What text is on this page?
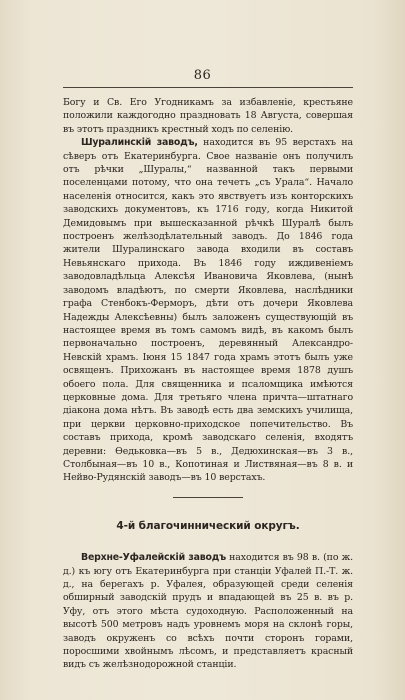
86

Богу и Св. Его Угодникамъ за избавленіе, крестьяне положили каждогодно праздновать 18 Августа, совершая въ этотъ праздникъ крестный ходъ по селенію.

Шуралинскій заводъ, находится въ 95 верстахъ на сѣверъ отъ Екатеринбурга. Свое названіе онъ получилъ отъ рѣчки „Шуралы,“ названной такъ первыми поселенцами потому, что она течетъ „съ Урала“. Начало населенія относится, какъ это явствуетъ изъ конторскихъ заводскихъ документовъ, къ 1716 году, когда Никитой Демидовымъ при вышесказанной рѣчкѣ Шуралѣ былъ построенъ желѣзодѣлательный заводъ. До 1846 года жители Шуралинскаго завода входили въ составъ Невьянскаго прихода. Въ 1846 году иждивеніемъ заводовладѣльца Алексѣя Ивановича Яковлева, (нынѣ заводомъ владѣютъ, по смерти Яковлева, наслѣдники графа Стенбокъ-Ферморъ, дѣти отъ дочери Яковлева Надежды Алексѣевны) былъ заложенъ существующій въ настоящее время въ томъ самомъ видѣ, въ какомъ былъ первоначально построенъ, деревянный Александро-Невскій храмъ. Іюня 15 1847 года храмъ этотъ былъ уже освященъ. Прихожанъ въ настоящее время 1878 душъ обоего пола. Для священника и псаломщика имѣются церковные дома. Для третьяго члена причта—штатнаго діакона дома нѣтъ. Въ заводѣ есть два земскихъ училища, при церкви церковно-приходское попечительство. Въ составъ прихода, кромѣ заводскаго селенія, входятъ деревни: Ѳедьковка—въ 5 в., Дедюхинская—въ 3 в., Столбыная—въ 10 в., Копотиная и Листвяная—въ 8 в. и Нейво-Рудянскій заводъ—въ 10 верстахъ.

4-й благочиннический округъ.

Верхне-Уфалейскій заводъ находится въ 98 в. (по ж. д.) къ югу отъ Екатеринбурга при станціи Уфалей П.-Т. ж. д., на берегахъ р. Уфалея, образующей среди селенія обширный заводскій прудъ и впадающей въ 25 в. въ р. Уфу, отъ этого мѣста судоходную. Расположенный на высотѣ 500 метровъ надъ уровнемъ моря на склонѣ горы, заводъ окруженъ со всѣхъ почти сторонъ горами, поросшими хвойнымъ лѣсомъ, и представляетъ красный видъ съ желѣзнодорожной станціи.
